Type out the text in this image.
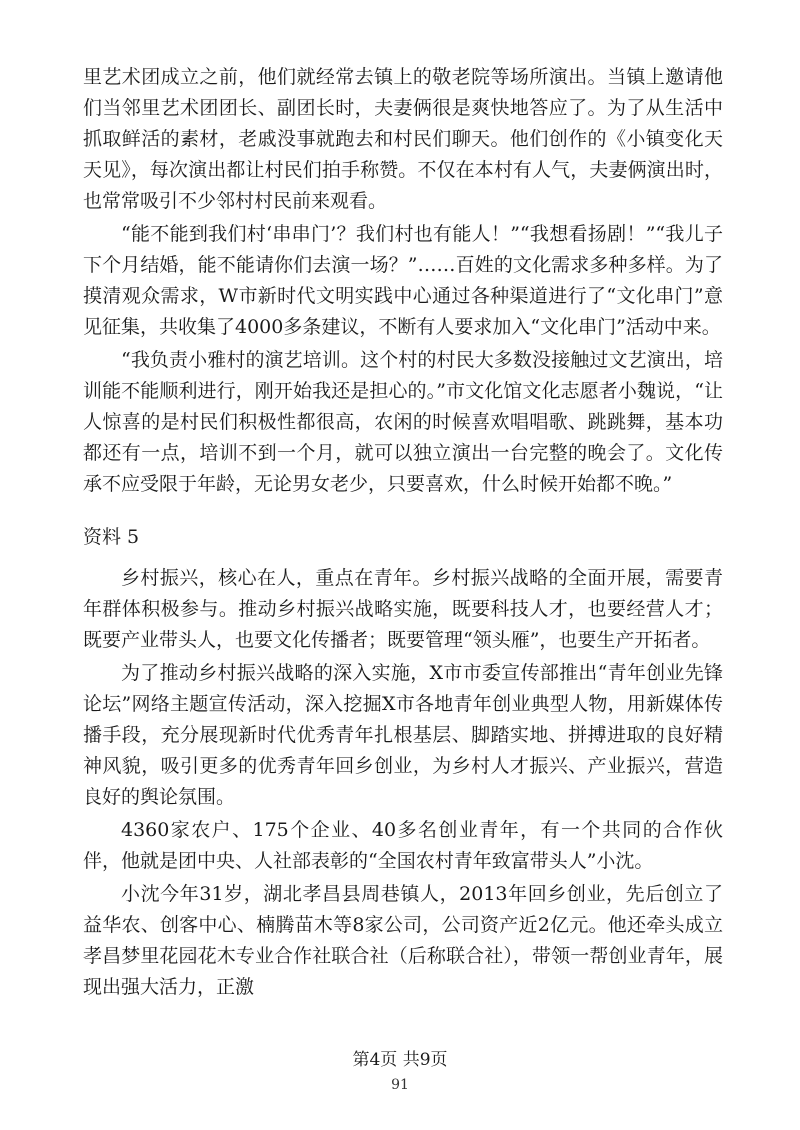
里艺术团成立之前，他们就经常去镇上的敬老院等场所演出。当镇上邀请他们当邻里艺术团团长、副团长时，夫妻俩很是爽快地答应了。为了从生活中抓取鲜活的素材，老戚没事就跑去和村民们聊天。他们创作的《小镇变化天天见》，每次演出都让村民们拍手称赞。不仅在本村有人气，夫妻俩演出时，也常常吸引不少邻村村民前来观看。

“能不能到我们村‘串串门’？我们村也有能人！”“我想看扬剧！”“我儿子下个月结婚，能不能请你们去演一场？”……百姓的文化需求多种多样。为了摸清观众需求，W市新时代文明实践中心通过各种渠道进行了“文化串门”意见征集，共收集了4000多条建议，不断有人要求加入“文化串门”活动中来。

“我负责小雅村的演艺培训。这个村的村民大多数没接触过文艺演出，培训能不能顺利进行，刚开始我还是担心的。”市文化馆文化志愿者小魏说，“让人惊喜的是村民们积极性都很高，农闲的时候喜欢唱唱歌、跳跳舞，基本功都还有一点，培训不到一个月，就可以独立演出一台完整的晚会了。文化传承不应受限于年龄，无论男女老少，只要喜欢，什么时候开始都不晚。”

资料 5

乡村振兴，核心在人，重点在青年。乡村振兴战略的全面开展，需要青年群体积极参与。推动乡村振兴战略实施，既要科技人才，也要经营人才；既要产业带头人，也要文化传播者；既要管理“领头雁”，也要生产开拓者。

为了推动乡村振兴战略的深入实施，X市市委宣传部推出“青年创业先锋论坛”网络主题宣传活动，深入挖掘X市各地青年创业典型人物，用新媒体传播手段，充分展现新时代优秀青年扎根基层、脚踏实地、拼搏进取的良好精神风貌，吸引更多的优秀青年回乡创业，为乡村人才振兴、产业振兴，营造良好的舆论氛围。

4360家农户、175个企业、40多名创业青年，有一个共同的合作伙伴，他就是团中央、人社部表彰的“全国农村青年致富带头人”小沈。

小沈今年31岁，湖北孝昌县周巷镇人，2013年回乡创业，先后创立了益华农、创客中心、楠腾苗木等8家公司，公司资产近2亿元。他还牵头成立孝昌梦里花园花木专业合作社联合社（后称联合社），带领一帮创业青年，展现出强大活力，正激

第4页 共9页
91
